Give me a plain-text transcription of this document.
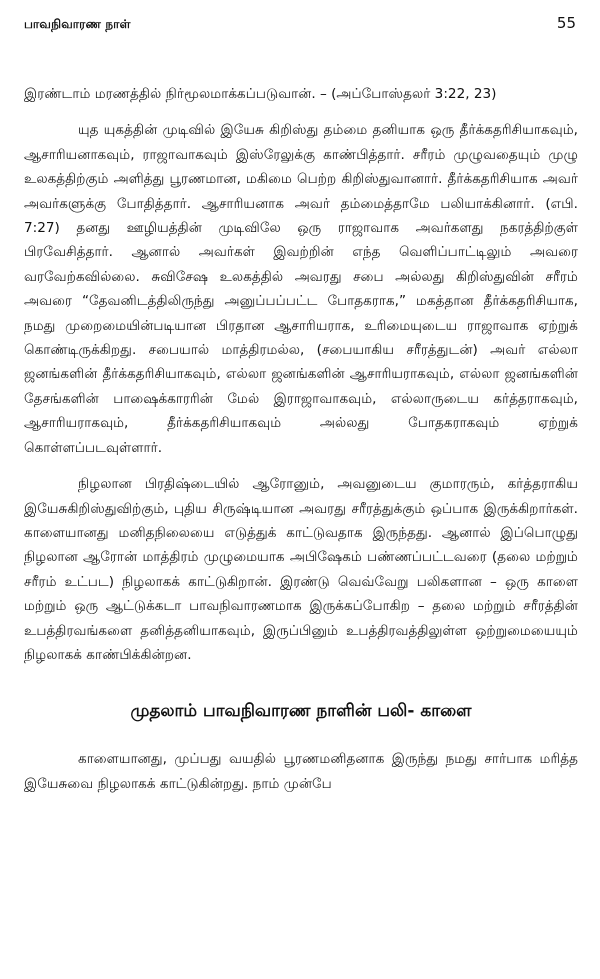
பாவநிவாரண நாள்	55

இரண்டாம் மரணத்தில் நிர்மூலமாக்கப்படுவான். – (அப்போஸ்தலர் 3:22, 23)

யுத யுகத்தின் முடிவில் இயேசு கிறிஸ்து தம்மை தனியாக ஒரு தீர்க்கதரிசியாகவும், ஆசாரியனாகவும், ராஜாவாகவும் இஸ்ரேலுக்கு காண்பித்தார். சரீரம் முழுவதையும் முழு உலகத்திற்கும் அளித்து பூரணமான, மகிமை பெற்ற கிறிஸ்துவானார். தீர்க்கதரிசியாக அவர் அவர்களுக்கு போதித்தார். ஆசாரியனாக அவர் தம்மைத்தாமே பலியாக்கினார். (எபி. 7:27) தனது ஊழியத்தின் முடிவிலே ஒரு ராஜாவாக அவர்களது நகரத்திற்குள் பிரவேசித்தார். ஆனால் அவர்கள் இவற்றின் எந்த வெளிப்பாட்டிலும் அவரை வரவேற்கவில்லை. சுவிசேஷ உலகத்தில் அவரது சபை அல்லது கிறிஸ்துவின் சரீரம் அவரை “தேவனிடத்திலிருந்து அனுப்பப்பட்ட போதகராக,” மகத்தான தீர்க்கதரிசியாக, நமது முறைமையின்படியான பிரதான ஆசாரியராக, உரிமையுடைய ராஜாவாக ஏற்றுக் கொண்டிருக்கிறது. சபையால் மாத்திரமல்ல, (சபையாகிய சரீரத்துடன்) அவர் எல்லா ஜனங்களின் தீர்க்கதரிசியாகவும், எல்லா ஜனங்களின் ஆசாரியராகவும், எல்லா ஜனங்களின் தேசங்களின் பாஷைக்காரரின் மேல் இராஜாவாகவும், எல்லாருடைய கர்த்தராகவும், ஆசாரியராகவும், தீர்க்கதரிசியாகவும் அல்லது போதகராகவும் ஏற்றுக் கொள்ளப்படவுள்ளார்.

நிழலான பிரதிஷ்டையில் ஆரோனும், அவனுடைய குமாரரும், கர்த்தராகிய இயேசுகிறிஸ்துவிற்கும், புதிய சிருஷ்டியான அவரது சரீரத்துக்கும் ஒப்பாக இருக்கிறார்கள். காளையானது மனிதநிலையை எடுத்துக் காட்டுவதாக இருந்தது. ஆனால் இப்பொழுது நிழலான ஆரோன் மாத்திரம் முழுமையாக அபிஷேகம் பண்ணப்பட்டவரை (தலை மற்றும் சரீரம் உட்பட) நிழலாகக் காட்டுகிறான். இரண்டு வெவ்வேறு பலிகளான – ஒரு காளை மற்றும் ஒரு ஆட்டுக்கடா பாவநிவாரணமாக இருக்கப்போகிற – தலை மற்றும் சரீரத்தின் உபத்திரவங்களை தனித்தனியாகவும், இருப்பினும் உபத்திரவத்திலுள்ள ஒற்றுமையையும் நிழலாகக் காண்பிக்கின்றன.

முதலாம் பாவநிவாரண நாளின் பலி- காளை

காளையானது, முப்பது வயதில் பூரணமனிதனாக இருந்து நமது சார்பாக மரித்த இயேசுவை நிழலாகக் காட்டுகின்றது. நாம் முன்பே
